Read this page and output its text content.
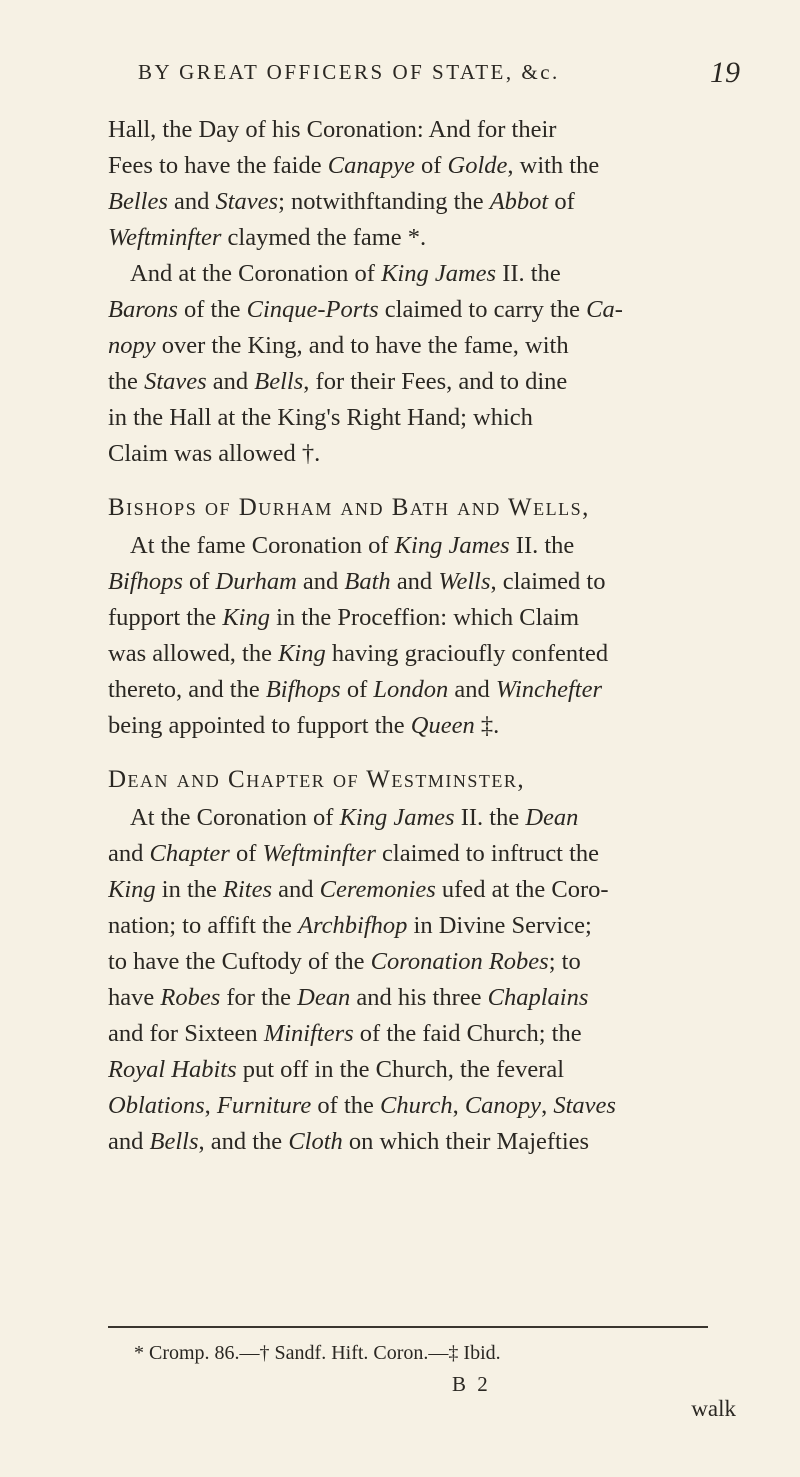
BY GREAT OFFICERS OF STATE, &c.	19

Hall, the Day of his Coronation: And for their
Fees to have the faide Canapye of Golde, with the
Belles and Staves; notwithftanding the Abbot of
Weftminfter claymed the fame *.

And at the Coronation of King James II. the
Barons of the Cinque-Ports claimed to carry the Ca-
nopy over the King, and to have the fame, with
the Staves and Bells, for their Fees, and to dine
in the Hall at the King's Right Hand; which
Claim was allowed †.

Bishops of Durham and Bath and Wells,

At the fame Coronation of King James II. the
Bifhops of Durham and Bath and Wells, claimed to
fupport the King in the Proceffion: which Claim
was allowed, the King having gracioufly confented
thereto, and the Bifhops of London and Winchefter
being appointed to fupport the Queen ‡.

Dean and Chapter of Westminster,

At the Coronation of King James II. the Dean
and Chapter of Weftminfter claimed to inftruct the
King in the Rites and Ceremonies ufed at the Coro-
nation; to affift the Archbifhop in Divine Service;
to have the Cuftody of the Coronation Robes; to
have Robes for the Dean and his three Chaplains
and for Sixteen Minifters of the faid Church; the
Royal Habits put off in the Church, the feveral
Oblations, Furniture of the Church, Canopy, Staves
and Bells, and the Cloth on which their Majefties

* Cromp. 86.—† Sandf. Hift. Coron.—‡ Ibid.
B 2
walk
